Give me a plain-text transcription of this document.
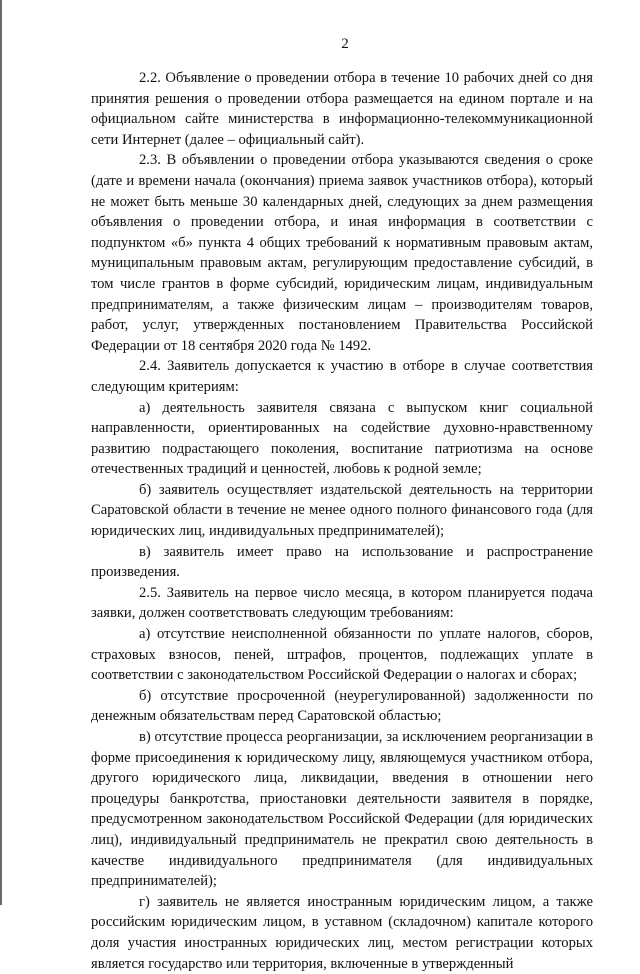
2

2.2. Объявление о проведении отбора в течение 10 рабочих дней со дня принятия решения о проведении отбора размещается на едином портале и на официальном сайте министерства в информационно-телекоммуникационной сети Интернет (далее – официальный сайт).

2.3. В объявлении о проведении отбора указываются сведения о сроке (дате и времени начала (окончания) приема заявок участников отбора), который не может быть меньше 30 календарных дней, следующих за днем размещения объявления о проведении отбора, и иная информация в соответствии с подпунктом «б» пункта 4 общих требований к нормативным правовым актам, муниципальным правовым актам, регулирующим предоставление субсидий, в том числе грантов в форме субсидий, юридическим лицам, индивидуальным предпринимателям, а также физическим лицам – производителям товаров, работ, услуг, утвержденных постановлением Правительства Российской Федерации от 18 сентября 2020 года № 1492.

2.4. Заявитель допускается к участию в отборе в случае соответствия следующим критериям:

а) деятельность заявителя связана с выпуском книг социальной направленности, ориентированных на содействие духовно-нравственному развитию подрастающего поколения, воспитание патриотизма на основе отечественных традиций и ценностей, любовь к родной земле;

б) заявитель осуществляет издательской деятельность на территории Саратовской области в течение не менее одного полного финансового года (для юридических лиц, индивидуальных предпринимателей);

в) заявитель имеет право на использование и распространение произведения.

2.5. Заявитель на первое число месяца, в котором планируется подача заявки, должен соответствовать следующим требованиям:

а) отсутствие неисполненной обязанности по уплате налогов, сборов, страховых взносов, пеней, штрафов, процентов, подлежащих уплате в соответствии с законодательством Российской Федерации о налогах и сборах;

б) отсутствие просроченной (неурегулированной) задолженности по денежным обязательствам перед Саратовской областью;

в) отсутствие процесса реорганизации, за исключением реорганизации в форме присоединения к юридическому лицу, являющемуся участником отбора, другого юридического лица, ликвидации, введения в отношении него процедуры банкротства, приостановки деятельности заявителя в порядке, предусмотренном законодательством Российской Федерации (для юридических лиц), индивидуальный предприниматель не прекратил свою деятельность в качестве индивидуального предпринимателя (для индивидуальных предпринимателей);

г) заявитель не является иностранным юридическим лицом, а также российским юридическим лицом, в уставном (складочном) капитале которого доля участия иностранных юридических лиц, местом регистрации которых является государство или территория, включенные в утвержденный
